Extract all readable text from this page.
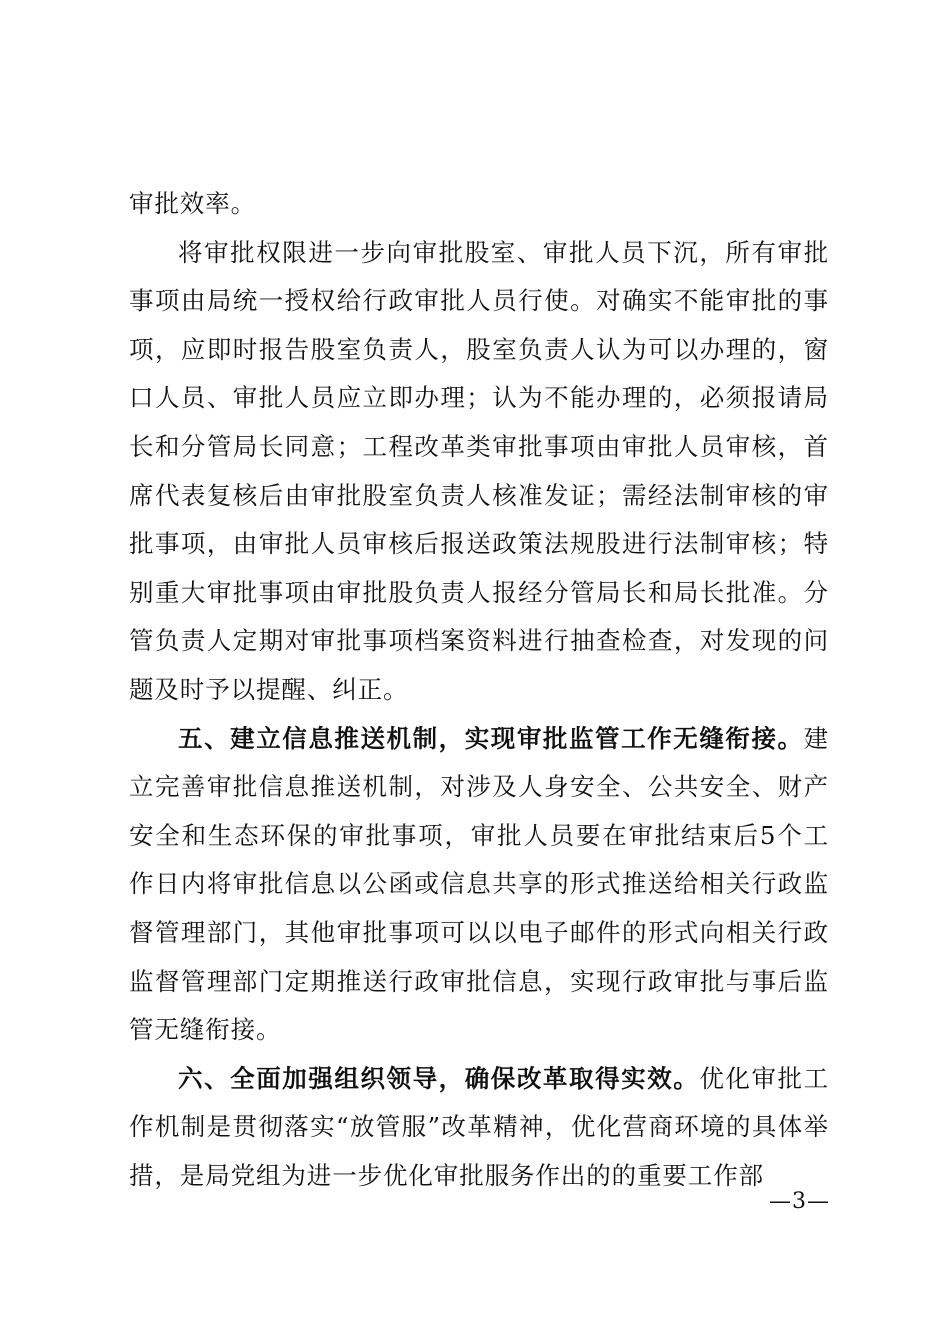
审批效率。

将审批权限进一步向审批股室、审批人员下沉，所有审批事项由局统一授权给行政审批人员行使。对确实不能审批的事项，应即时报告股室负责人，股室负责人认为可以办理的，窗口人员、审批人员应立即办理；认为不能办理的，必须报请局长和分管局长同意；工程改革类审批事项由审批人员审核，首席代表复核后由审批股室负责人核准发证；需经法制审核的审批事项，由审批人员审核后报送政策法规股进行法制审核；特别重大审批事项由审批股负责人报经分管局长和局长批准。分管负责人定期对审批事项档案资料进行抽查检查，对发现的问题及时予以提醒、纠正。

五、建立信息推送机制，实现审批监管工作无缝衔接。建立完善审批信息推送机制，对涉及人身安全、公共安全、财产安全和生态环保的审批事项，审批人员要在审批结束后5个工作日内将审批信息以公函或信息共享的形式推送给相关行政监督管理部门，其他审批事项可以以电子邮件的形式向相关行政监督管理部门定期推送行政审批信息，实现行政审批与事后监管无缝衔接。

六、全面加强组织领导，确保改革取得实效。优化审批工作机制是贯彻落实“放管服”改革精神，优化营商环境的具体举措，是局党组为进一步优化审批服务作出的的重要工作部

—3—
